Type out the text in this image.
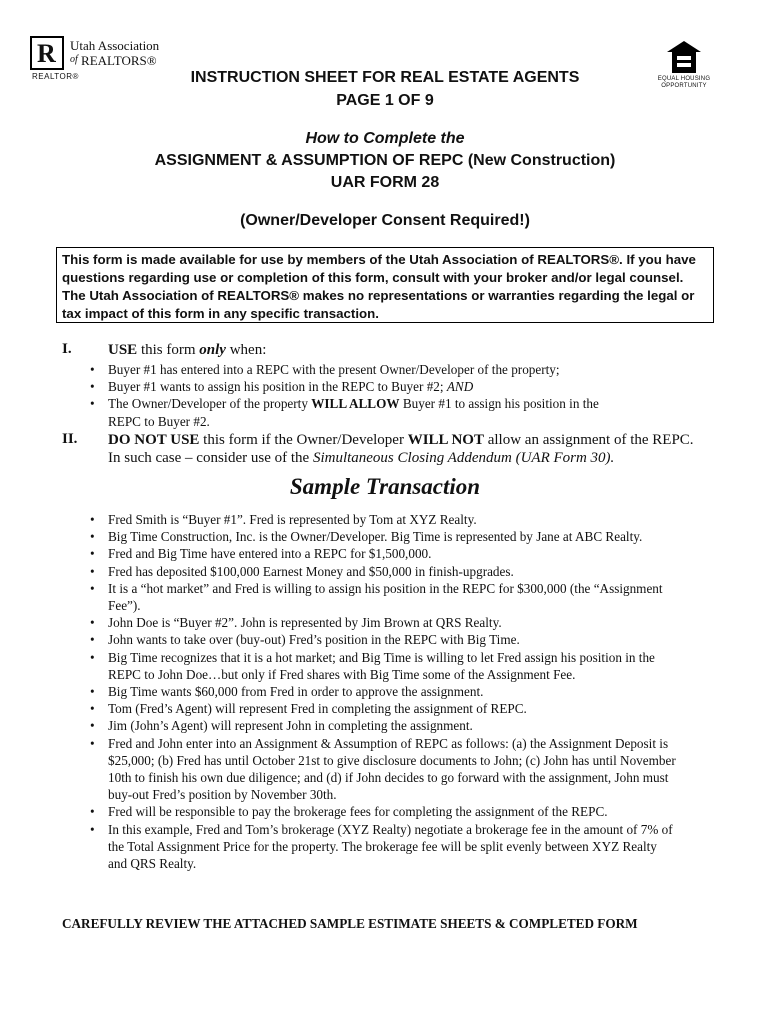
R Utah Association
$^{of}$ REALTORS®
REALTOR®	EQUAL HOUSING
OPPORTUNITY
INSTRUCTION SHEET FOR REAL ESTATE AGENTS
PAGE 1 OF 9
How to Complete the
ASSIGNMENT & ASSUMPTION OF REPC (New Construction)
UAR FORM 28
(Owner/Developer Consent Required!)
This form is made available for use by members of the Utah Association of REALTORS®. If you have questions regarding use or completion of this form, consult with your broker and/or legal counsel. The Utah Association of REALTORS® makes no representations or warranties regarding the legal or tax impact of this form in any specific transaction.
I. USE this form only when:
• Buyer #1 has entered into a REPC with the present Owner/Developer of the property;
• Buyer #1 wants to assign his position in the REPC to Buyer #2; AND
• The Owner/Developer of the property WILL ALLOW Buyer #1 to assign his position in the
REPC to Buyer #2.
II. DO NOT USE this form if the Owner/Developer WILL NOT allow an assignment of the REPC.
In such case – consider use of the Simultaneous Closing Addendum (UAR Form 30).
Sample Transaction
• Fred Smith is “Buyer #1”. Fred is represented by Tom at XYZ Realty.
• Big Time Construction, Inc. is the Owner/Developer. Big Time is represented by Jane at ABC Realty.
• Fred and Big Time have entered into a REPC for $1,500,000.
• Fred has deposited $100,000 Earnest Money and $50,000 in finish-upgrades.
• It is a “hot market” and Fred is willing to assign his position in the REPC for $300,000 (the “Assignment
Fee”).
• John Doe is “Buyer #2”. John is represented by Jim Brown at QRS Realty.
• John wants to take over (buy-out) Fred’s position in the REPC with Big Time.
• Big Time recognizes that it is a hot market; and Big Time is willing to let Fred assign his position in the
REPC to John Doe…but only if Fred shares with Big Time some of the Assignment Fee.
• Big Time wants $60,000 from Fred in order to approve the assignment.
• Tom (Fred’s Agent) will represent Fred in completing the assignment of REPC.
• Jim (John’s Agent) will represent John in completing the assignment.
• Fred and John enter into an Assignment & Assumption of REPC as follows: (a) the Assignment Deposit is
$25,000; (b) Fred has until October 21st to give disclosure documents to John; (c) John has until November
10th to finish his own due diligence; and (d) if John decides to go forward with the assignment, John must
buy-out Fred’s position by November 30th.
• Fred will be responsible to pay the brokerage fees for completing the assignment of the REPC.
• In this example, Fred and Tom’s brokerage (XYZ Realty) negotiate a brokerage fee in the amount of 7% of
the Total Assignment Price for the property. The brokerage fee will be split evenly between XYZ Realty
and QRS Realty.
CAREFULLY REVIEW THE ATTACHED SAMPLE ESTIMATE SHEETS & COMPLETED FORM
